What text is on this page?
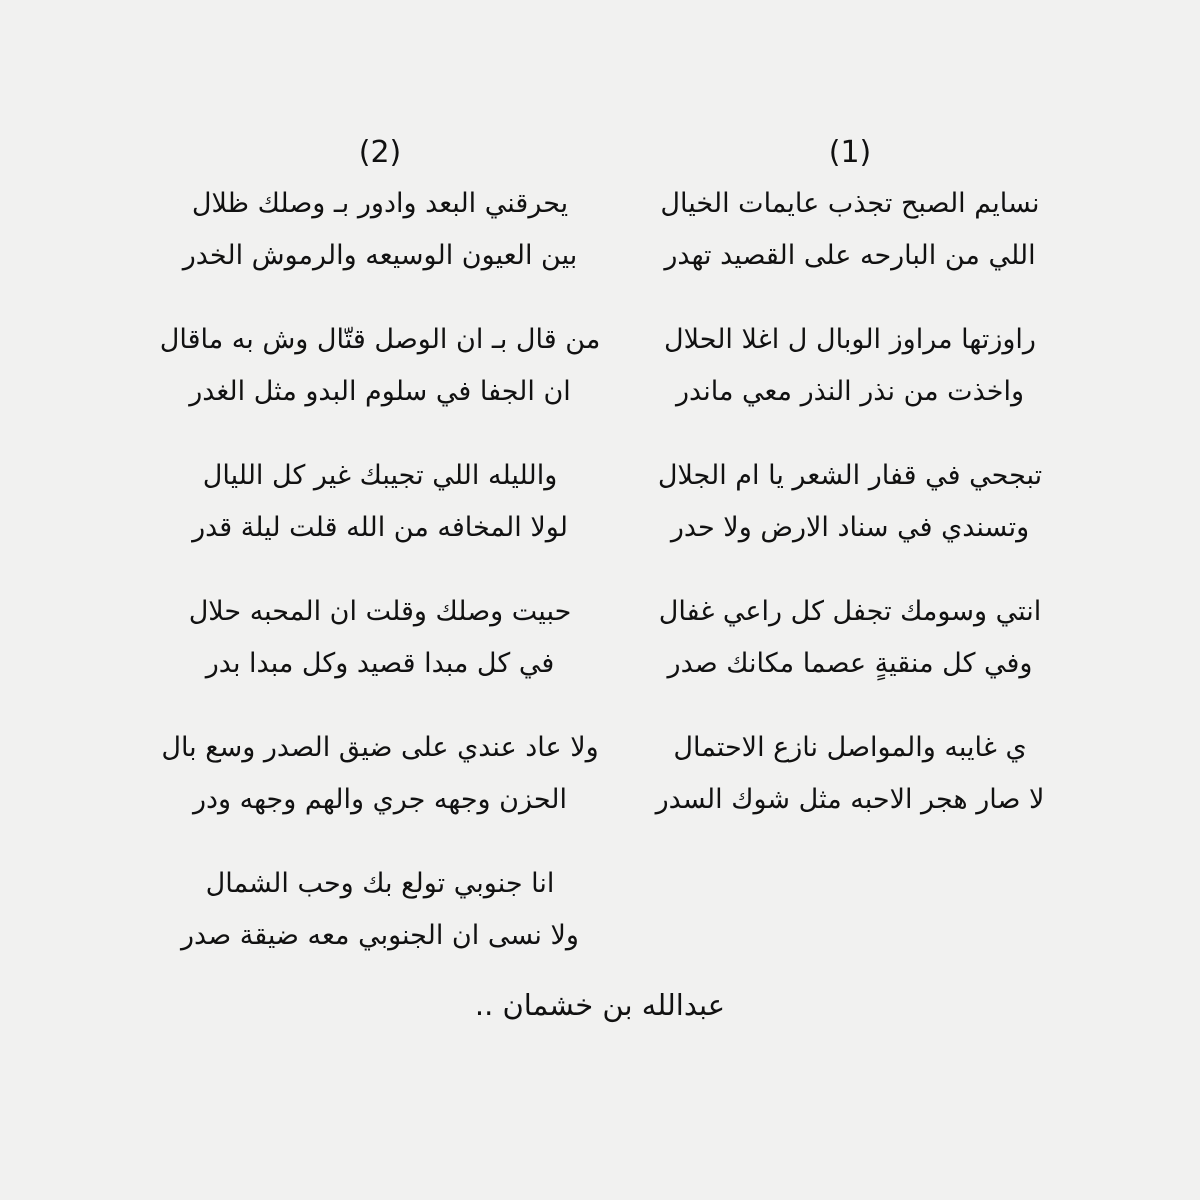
(1)
نسايم الصبح تجذب عايمات الخيال
اللي من البارحه على القصيد تهدر
راوزتها مراوز الوبال ل اغلا الحلال
واخذت من نذر النذر معي ماندر
تبجحي في قفار الشعر يا ام الجلال
وتسندي في سناد الارض ولا حدر
انتي وسومك تجفل كل راعي غفال
وفي كل منقيةٍ عصما مكانك صدر
ي غايبه والمواصل نازع الاحتمال
لا صار هجر الاحبه مثل شوك السدر
(2)
يحرقني البعد وادور بـ وصلك ظلال
بين العيون الوسيعه والرموش الخدر
من قال بـ ان الوصل قتّال وش به ماقال
ان الجفا في سلوم البدو مثل الغدر
والليله اللي تجيبك غير كل الليال
لولا المخافه من الله قلت ليلة قدر
حبيت وصلك وقلت ان المحبه حلال
في كل مبدا قصيد وكل مبدا بدر
ولا عاد عندي على ضيق الصدر وسع بال
الحزن وجهه جري والهم وجهه ودر
انا جنوبي تولع بك وحب الشمال
ولا نسى ان الجنوبي معه ضيقة صدر
عبدالله بن خشمان ..
